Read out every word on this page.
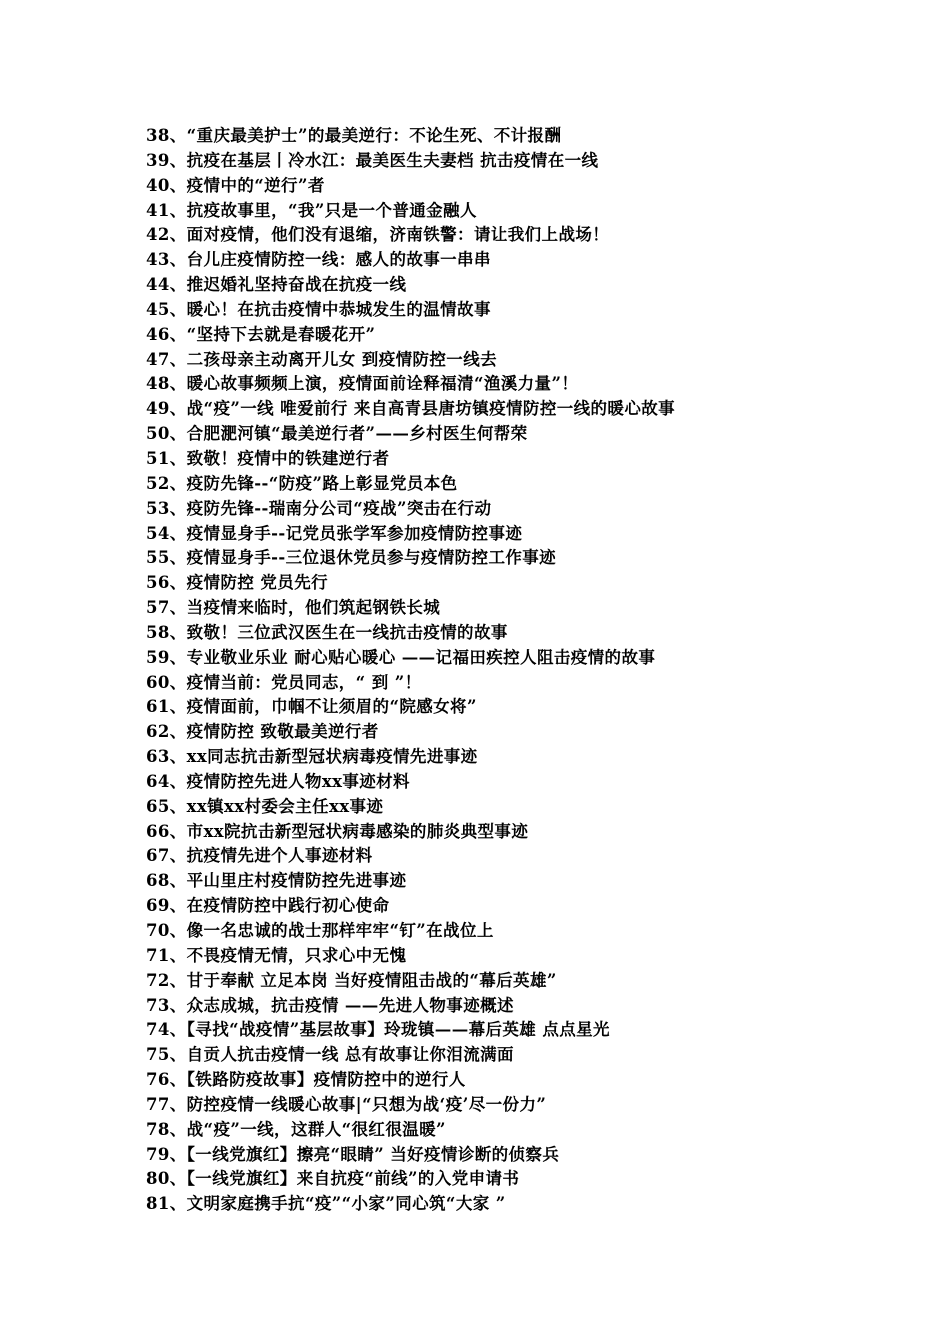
38、“重庆最美护士”的最美逆行：不论生死、不计报酬
39、抗疫在基层丨冷水江：最美医生夫妻档 抗击疫情在一线
40、疫情中的“逆行”者
41、抗疫故事里，“我”只是一个普通金融人
42、面对疫情，他们没有退缩，济南铁警：请让我们上战场！
43、台儿庄疫情防控一线：感人的故事一串串
44、推迟婚礼坚持奋战在抗疫一线
45、暖心！在抗击疫情中恭城发生的温情故事
46、“坚持下去就是春暖花开”
47、二孩母亲主动离开儿女 到疫情防控一线去
48、暖心故事频频上演，疫情面前诠释福清“渔溪力量”！
49、战“疫”一线 唯爱前行 来自高青县唐坊镇疫情防控一线的暖心故事
50、合肥淝河镇“最美逆行者”——乡村医生何帮荣
51、致敬！疫情中的铁建逆行者
52、疫防先锋--“防疫”路上彰显党员本色
53、疫防先锋--瑞南分公司“疫战”突击在行动
54、疫情显身手--记党员张学军参加疫情防控事迹
55、疫情显身手--三位退休党员参与疫情防控工作事迹
56、疫情防控 党员先行
57、当疫情来临时，他们筑起钢铁长城
58、致敬！三位武汉医生在一线抗击疫情的故事
59、专业敬业乐业 耐心贴心暖心 ——记福田疾控人阻击疫情的故事
60、疫情当前：党员同志，“ 到 ”！
61、疫情面前，巾帼不让须眉的“院感女将”
62、疫情防控 致敬最美逆行者
63、xx同志抗击新型冠状病毒疫情先进事迹
64、疫情防控先进人物xx事迹材料
65、xx镇xx村委会主任xx事迹
66、市xx院抗击新型冠状病毒感染的肺炎典型事迹
67、抗疫情先进个人事迹材料
68、平山里庄村疫情防控先进事迹
69、在疫情防控中践行初心使命
70、像一名忠诚的战士那样牢牢“钉”在战位上
71、不畏疫情无情，只求心中无愧
72、甘于奉献 立足本岗 当好疫情阻击战的“幕后英雄”
73、众志成城，抗击疫情 ——先进人物事迹概述
74、【寻找“战疫情”基层故事】玲珑镇——幕后英雄 点点星光
75、自贡人抗击疫情一线 总有故事让你泪流满面
76、【铁路防疫故事】疫情防控中的逆行人
77、防控疫情一线暖心故事|“只想为战‘疫’尽一份力”
78、战“疫”一线，这群人“很红很温暖”
79、【一线党旗红】擦亮“眼睛” 当好疫情诊断的侦察兵
80、【一线党旗红】来自抗疫“前线”的入党申请书
81、文明家庭携手抗“疫”“小家”同心筑“大家 ”
